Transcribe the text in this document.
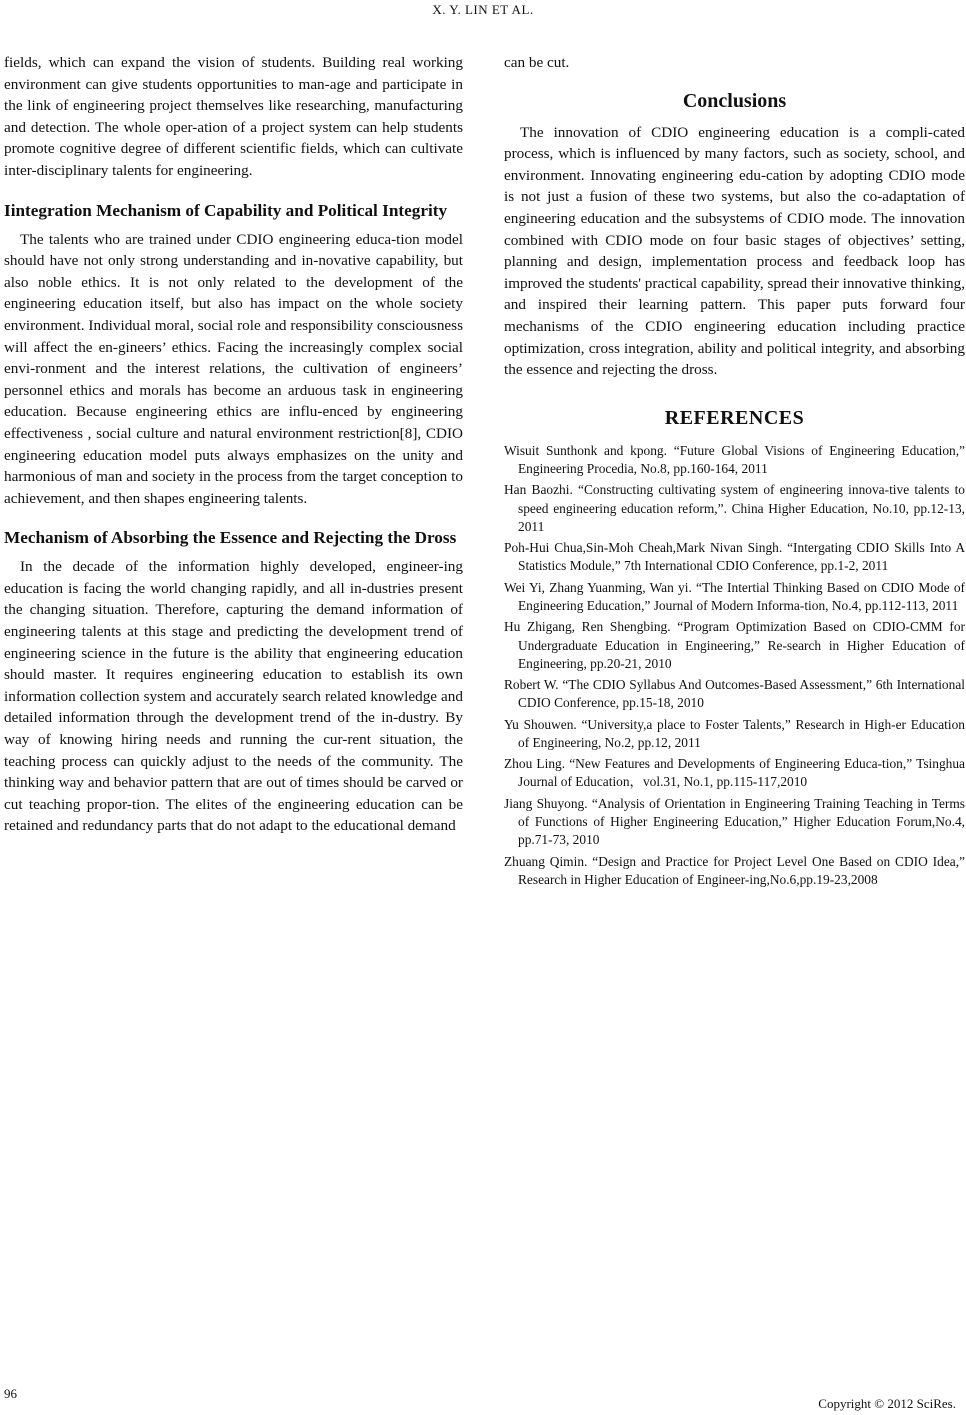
X. Y. LIN ET AL.

fields, which can expand the vision of students. Building real working environment can give students opportunities to man-age and participate in the link of engineering project themselves like researching, manufacturing and detection. The whole oper-ation of a project system can help students promote cognitive degree of different scientific fields, which can cultivate inter-disciplinary talents for engineering.

Iintegration Mechanism of Capability and Political Integrity

The talents who are trained under CDIO engineering educa-tion model should have not only strong understanding and in-novative capability, but also noble ethics. It is not only related to the development of the engineering education itself, but also has impact on the whole society environment. Individual moral, social role and responsibility consciousness will affect the en-gineers’ ethics. Facing the increasingly complex social envi-ronment and the interest relations, the cultivation of engineers’ personnel ethics and morals has become an arduous task in engineering education. Because engineering ethics are influ-enced by engineering effectiveness , social culture and natural environment restriction[8], CDIO engineering education model puts always emphasizes on the unity and harmonious of man and society in the process from the target conception to achievement, and then shapes engineering talents.

Mechanism of Absorbing the Essence and Rejecting the Dross

In the decade of the information highly developed, engineer-ing education is facing the world changing rapidly, and all in-dustries present the changing situation. Therefore, capturing the demand information of engineering talents at this stage and predicting the development trend of engineering science in the future is the ability that engineering education should master. It requires engineering education to establish its own information collection system and accurately search related knowledge and detailed information through the development trend of the in-dustry. By way of knowing hiring needs and running the cur-rent situation, the teaching process can quickly adjust to the needs of the community. The thinking way and behavior pattern that are out of times should be carved or cut teaching propor-tion. The elites of the engineering education can be retained and redundancy parts that do not adapt to the educational demand

can be cut.

Conclusions

The innovation of CDIO engineering education is a compli-cated process, which is influenced by many factors, such as society, school, and environment. Innovating engineering edu-cation by adopting CDIO mode is not just a fusion of these two systems, but also the co-adaptation of engineering education and the subsystems of CDIO mode. The innovation combined with CDIO mode on four basic stages of objectives’ setting, planning and design, implementation process and feedback loop has improved the students' practical capability, spread their innovative thinking, and inspired their learning pattern. This paper puts forward four mechanisms of the CDIO engineering education including practice optimization, cross integration, ability and political integrity, and absorbing the essence and rejecting the dross.

REFERENCES
Wisuit Sunthonk and kpong. “Future Global Visions of Engineering Education,” Engineering Procedia, No.8, pp.160-164, 2011
Han Baozhi. “Constructing cultivating system of engineering innova-tive talents to speed engineering education reform,”. China Higher Education, No.10, pp.12-13, 2011
Poh-Hui Chua,Sin-Moh Cheah,Mark Nivan Singh. “Intergating CDIO Skills Into A Statistics Module,” 7th International CDIO Conference, pp.1-2, 2011
Wei Yi, Zhang Yuanming, Wan yi. “The Intertial Thinking Based on CDIO Mode of Engineering Education,” Journal of Modern Informa-tion, No.4, pp.112-113, 2011
Hu Zhigang, Ren Shengbing. “Program Optimization Based on CDIO-CMM for Undergraduate Education in Engineering,” Re-search in Higher Education of Engineering, pp.20-21, 2010
Robert W. “The CDIO Syllabus And Outcomes-Based Assessment,” 6th International CDIO Conference, pp.15-18, 2010
Yu Shouwen. “University,a place to Foster Talents,” Research in High-er Education of Engineering, No.2, pp.12, 2011
Zhou Ling. “New Features and Developments of Engineering Educa-tion,” Tsinghua Journal of Education，vol.31, No.1, pp.115-117,2010
Jiang Shuyong. “Analysis of Orientation in Engineering Training Teaching in Terms of Functions of Higher Engineering Education,” Higher Education Forum,No.4, pp.71-73, 2010
Zhuang Qimin. “Design and Practice for Project Level One Based on CDIO Idea,” Research in Higher Education of Engineer-ing,No.6,pp.19-23,2008
96
Copyright © 2012 SciRes.
